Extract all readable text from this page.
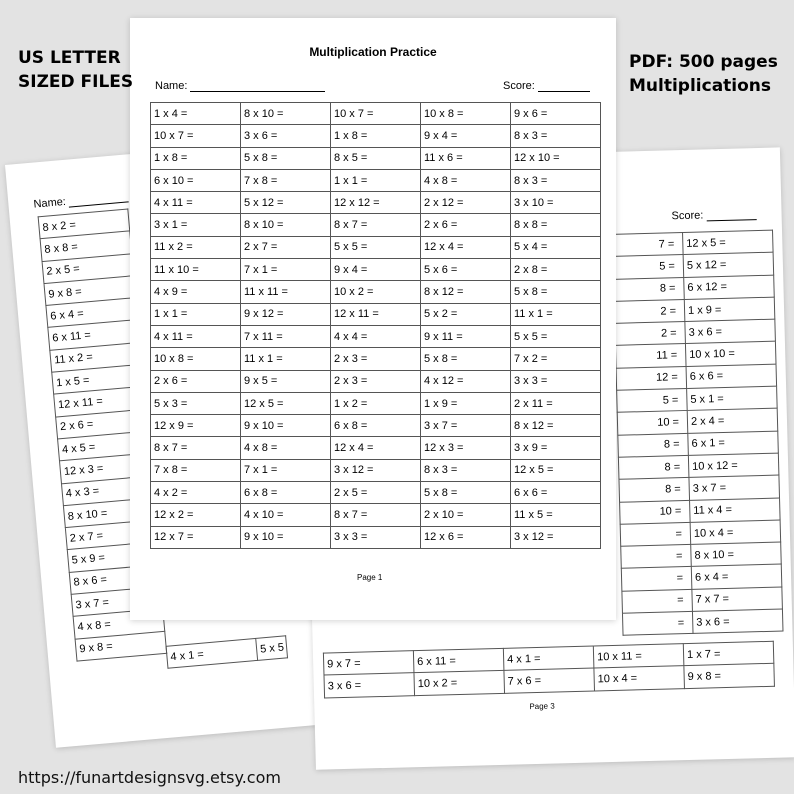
US LETTER
SIZED FILES
PDF: 500 pages
Multiplications
https://funartdesignsvg.etsy.com
Name:
8 x 2 =
8 x 8 =
2 x 5 =
9 x 8 =
6 x 4 =
6 x 11 =
11 x 2 =
1 x 5 =
12 x 11 =
2 x 6 =
4 x 5 =
12 x 3 =
4 x 3 =
8 x 10 =
2 x 7 =
5 x 9 =
8 x 6 =
3 x 7 =
4 x 8 =
9 x 8 =
4 x 1 =	5 x 5
Score:
7 =	12 x 5 =
5 =	5 x 12 =
8 =	6 x 12 =
2 =	1 x 9 =
2 =	3 x 6 =
11 =	10 x 10 =
12 =	6 x 6 =
5 =	5 x 1 =
10 =	2 x 4 =
8 =	6 x 1 =
8 =	10 x 12 =
8 =	3 x 7 =
10 =	11 x 4 =
=	10 x 4 =
=	8 x 10 =
=	6 x 4 =
=	7 x 7 =
=	3 x 6 =
9 x 7 =	6 x 11 =	4 x 1 =	10 x 11 =	1 x 7 =
3 x 6 =	10 x 2 =	7 x 6 =	10 x 4 =	9 x 8 =
Page 3
Multiplication Practice
Name:	Score:
1 x 4 =	8 x 10 =	10 x 7 =	10 x 8 =	9 x 6 =
10 x 7 =	3 x 6 =	1 x 8 =	9 x 4 =	8 x 3 =
1 x 8 =	5 x 8 =	8 x 5 =	11 x 6 =	12 x 10 =
6 x 10 =	7 x 8 =	1 x 1 =	4 x 8 =	8 x 3 =
4 x 11 =	5 x 12 =	12 x 12 =	2 x 12 =	3 x 10 =
3 x 1 =	8 x 10 =	8 x 7 =	2 x 6 =	8 x 8 =
11 x 2 =	2 x 7 =	5 x 5 =	12 x 4 =	5 x 4 =
11 x 10 =	7 x 1 =	9 x 4 =	5 x 6 =	2 x 8 =
4 x 9 =	11 x 11 =	10 x 2 =	8 x 12 =	5 x 8 =
1 x 1 =	9 x 12 =	12 x 11 =	5 x 2 =	11 x 1 =
4 x 11 =	7 x 11 =	4 x 4 =	9 x 11 =	5 x 5 =
10 x 8 =	11 x 1 =	2 x 3 =	5 x 8 =	7 x 2 =
2 x 6 =	9 x 5 =	2 x 3 =	4 x 12 =	3 x 3 =
5 x 3 =	12 x 5 =	1 x 2 =	1 x 9 =	2 x 11 =
12 x 9 =	9 x 10 =	6 x 8 =	3 x 7 =	8 x 12 =
8 x 7 =	4 x 8 =	12 x 4 =	12 x 3 =	3 x 9 =
7 x 8 =	7 x 1 =	3 x 12 =	8 x 3 =	12 x 5 =
4 x 2 =	6 x 8 =	2 x 5 =	5 x 8 =	6 x 6 =
12 x 2 =	4 x 10 =	8 x 7 =	2 x 10 =	11 x 5 =
12 x 7 =	9 x 10 =	3 x 3 =	12 x 6 =	3 x 12 =
Page 1
